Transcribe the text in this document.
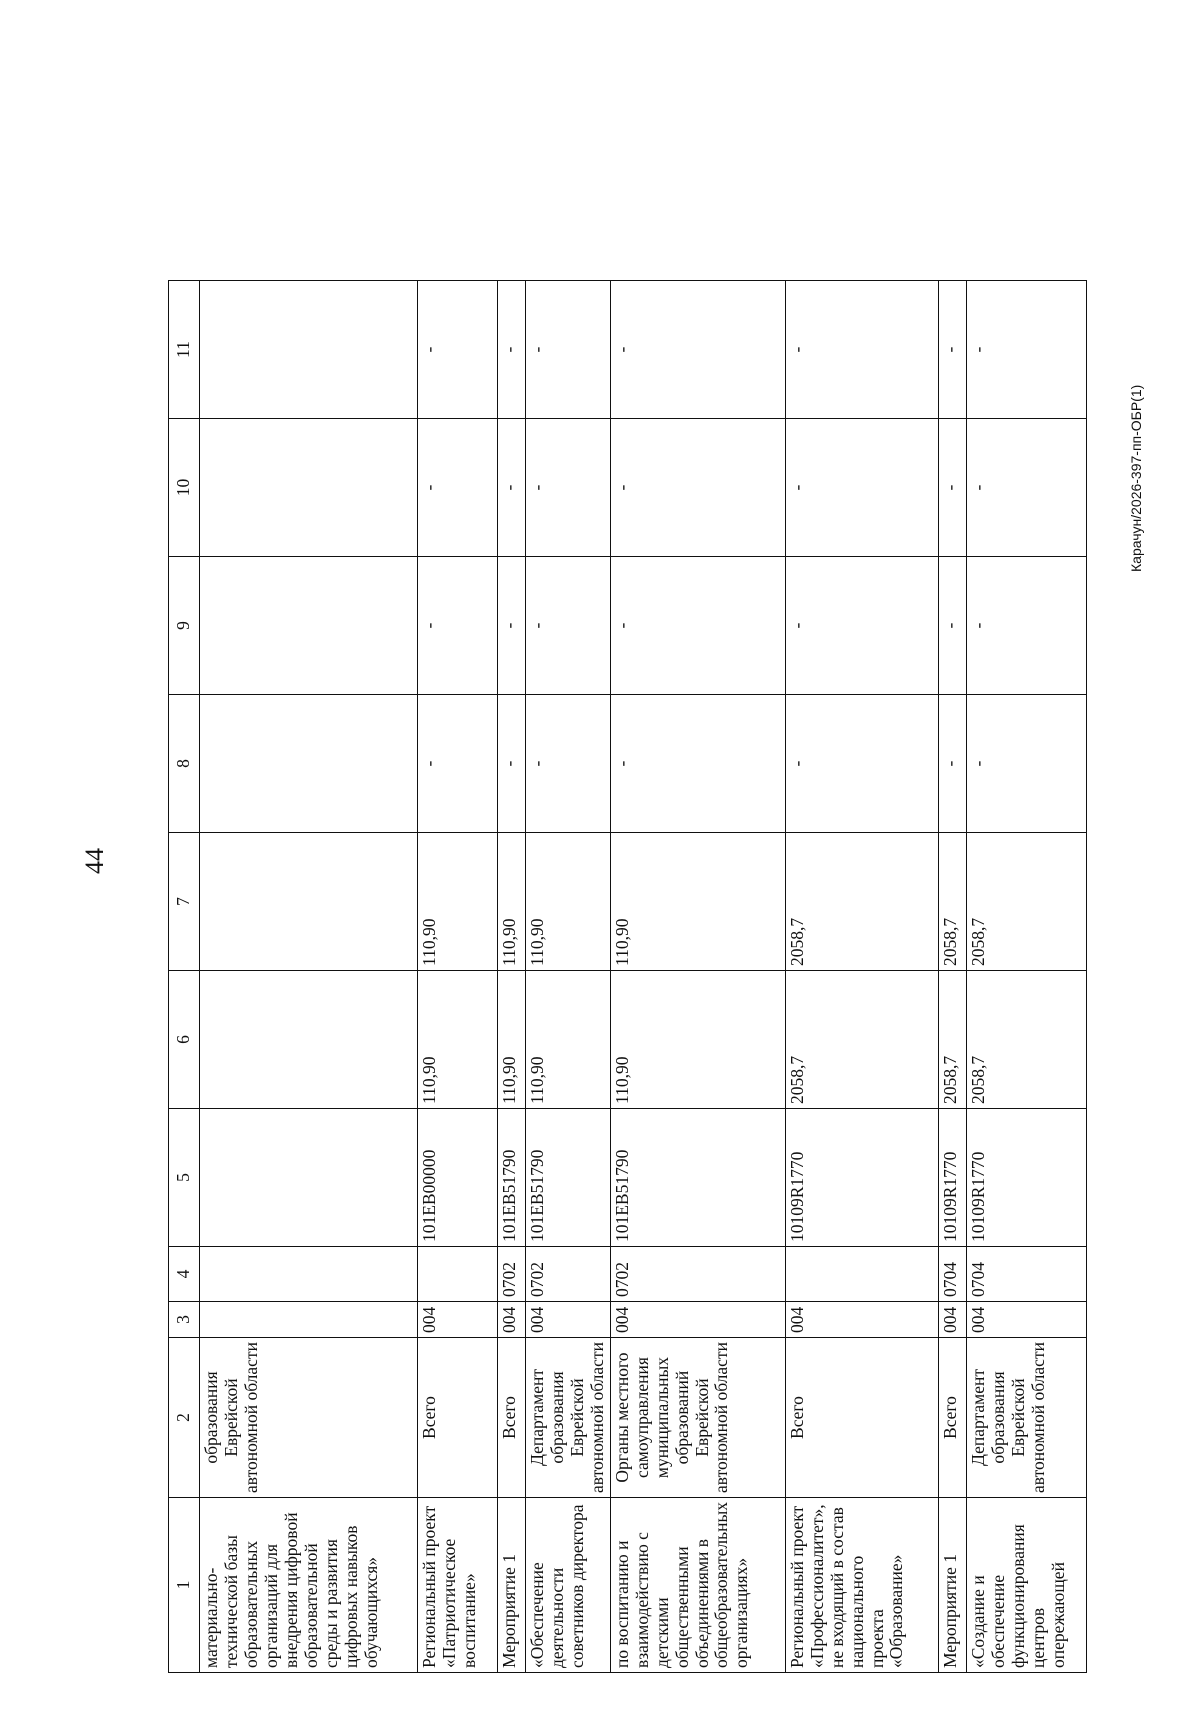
44
1	2	3	4	5	6	7	8	9	10	11
материально-технической базы образовательных организаций для внедрения цифровой образовательной среды и развития цифровых навыков обучающихся»	образования Еврейской автономной области									
Региональный проект «Патриотическое воспитание»	Всего	004		101EB00000	110,90	110,90	-	-	-	-
Мероприятие 1	Всего	004	0702	101EB51790	110,90	110,90	-	-	-	-
«Обеспечение деятельности советников директора	Департамент образования Еврейской автономной области	004	0702	101EB51790	110,90	110,90	-	-	-	-
по воспитанию и взаимодействию с детскими общественными объединениями в общеобразовательных организациях»	Органы местного самоуправления муниципальных образований Еврейской автономной области	004	0702	101EB51790	110,90	110,90	-	-	-	-
Региональный проект «Профессионалитет», не входящий в состав национального проекта «Образование»	Всего	004		10109R1770	2058,7	2058,7	-	-	-	-
Мероприятие 1	Всего	004	0704	10109R1770	2058,7	2058,7	-	-	-	-
«Создание и обеспечение функционирования центров опережающей	Департамент образования Еврейской автономной области	004	0704	10109R1770	2058,7	2058,7	-	-	-	-
Карачун/2026-397-пп-ОБР(1)
